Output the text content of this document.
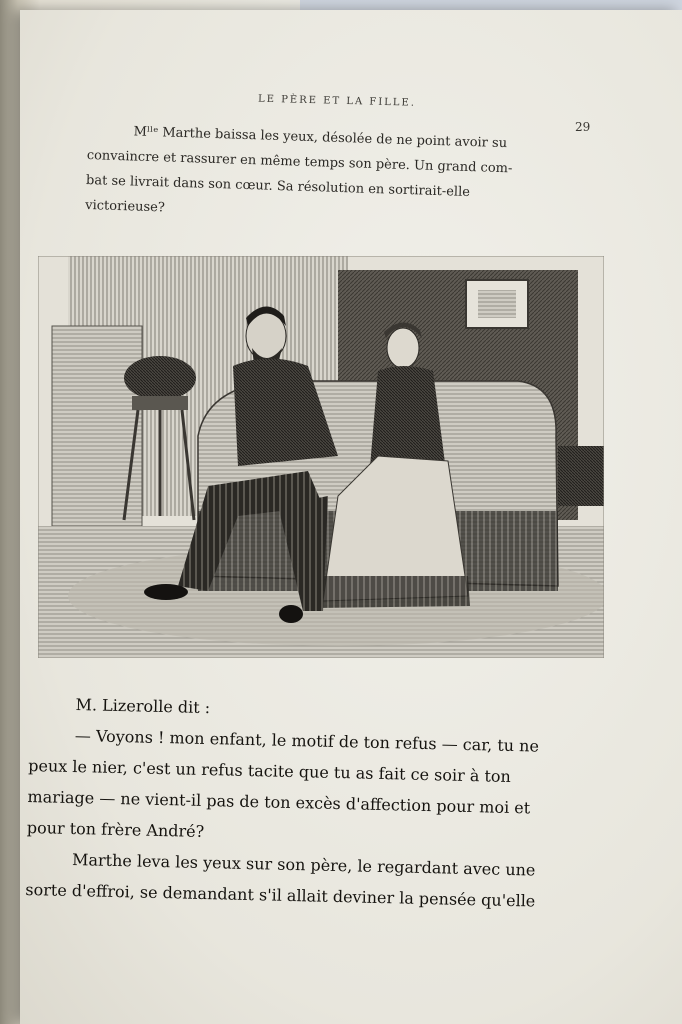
LE PÈRE ET LA FILLE.
29
Mˡˡᵉ Marthe baissa les yeux, désolée de ne point avoir su
convaincre et rassurer en même temps son père. Un grand com-
bat se livrait dans son cœur. Sa résolution en sortirait-elle
victorieuse?
M. Lizerolle dit :
— Voyons ! mon enfant, le motif de ton refus — car, tu ne
peux le nier, c'est un refus tacite que tu as fait ce soir à ton
mariage — ne vient-il pas de ton excès d'affection pour moi et
pour ton frère André?
Marthe leva les yeux sur son père, le regardant avec une
sorte d'effroi, se demandant s'il allait deviner la pensée qu'elle
